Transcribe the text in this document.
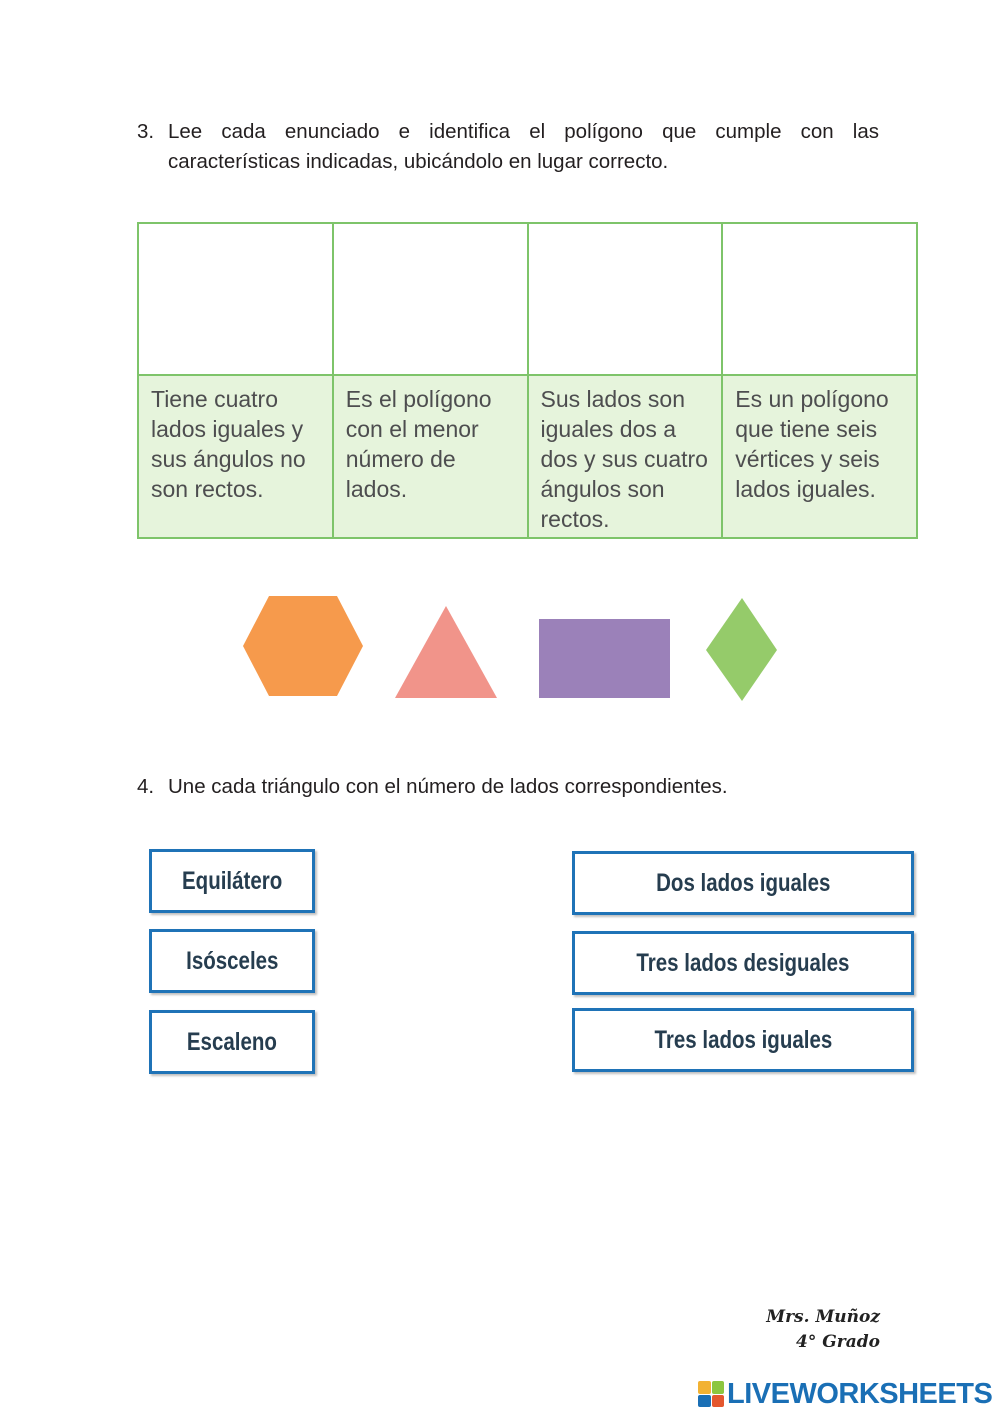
3. Lee cada enunciado e identifica el polígono que cumple con las características indicadas, ubicándolo en lugar correcto.

Tiene cuatro lados iguales y sus ángulos no son rectos.	Es el polígono con el menor número de lados.	Sus lados son iguales dos a dos y sus cuatro ángulos son rectos.	Es un polígono que tiene seis vértices y seis lados iguales.
4. Une cada triángulo con el número de lados correspondientes.
Equilátero
Isósceles
Escaleno
Dos lados iguales
Tres lados desiguales
Tres lados iguales
Mrs. Muñoz
4° Grado
LIVEWORKSHEETS
